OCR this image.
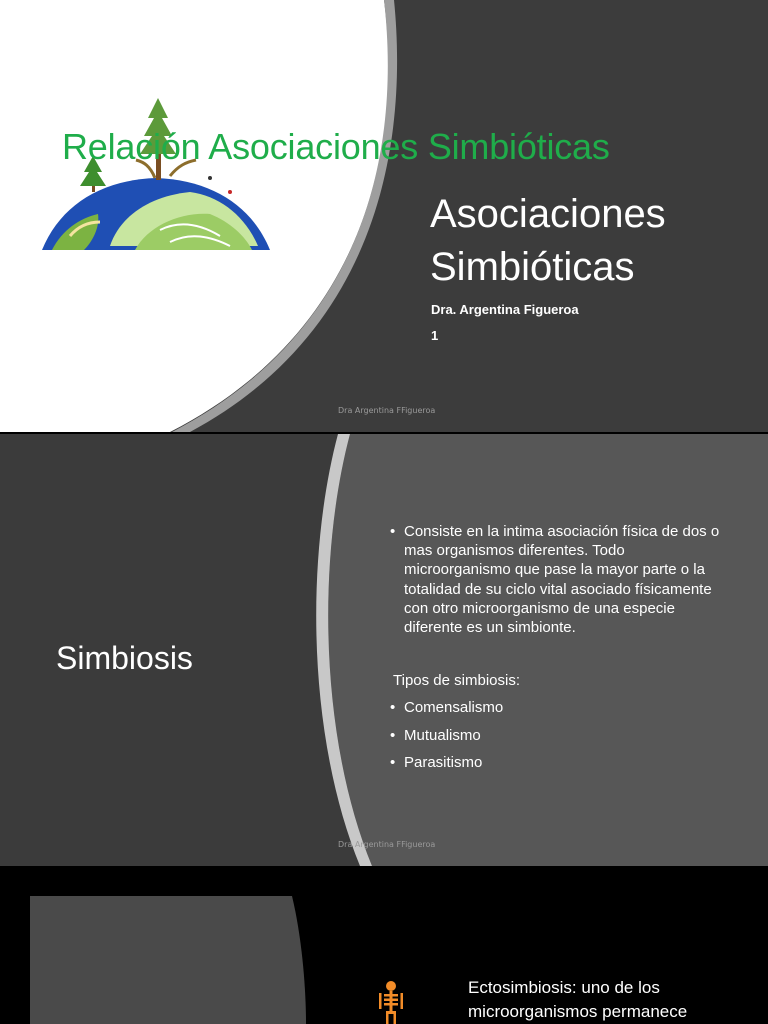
Relación Asociaciones Simbióticas
Asociaciones
Simbióticas
Dra. Argentina Figueroa
1
Dra Argentina FFigueroa
Simbiosis
• Consiste en la intima asociación física de dos o mas organismos diferentes. Todo microorganismo que pase la mayor parte o la totalidad de su ciclo vital asociado físicamente con otro microorganismo de una especie diferente es un simbionte.
Tipos de simbiosis:
• Comensalismo
• Mutualismo
• Parasitismo
Dra Argentina FFigueroa
Ectosimbiosis: uno de los microorganismos permanece
